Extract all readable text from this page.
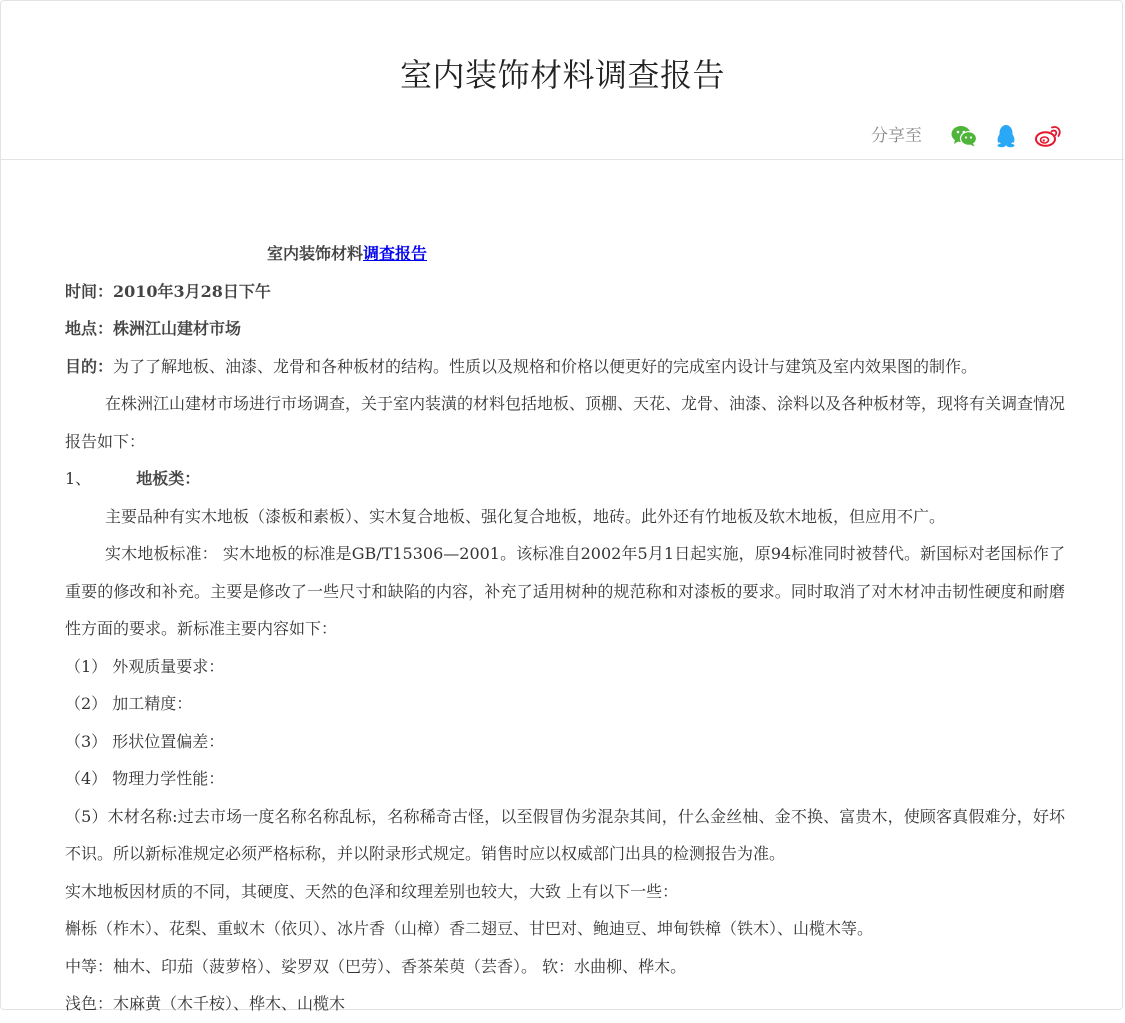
室内装饰材料调查报告
分享至

室内装饰材料调查报告

时间：2010年3月28日下午

地点：株洲江山建材市场

目的：为了了解地板、油漆、龙骨和各种板材的结构。性质以及规格和价格以便更好的完成室内设计与建筑及室内效果图的制作。

在株洲江山建材市场进行市场调查，关于室内装潢的材料包括地板、顶棚、天花、龙骨、油漆、涂料以及各种板材等，现将有关调查情况报告如下：

1、	地板类：

主要品种有实木地板（漆板和素板）、实木复合地板、强化复合地板，地砖。此外还有竹地板及软木地板，但应用不广。

实木地板标准： 实木地板的标准是GB/T15306—2001。该标准自2002年5月1日起实施，原94标准同时被替代。新国标对老国标作了重要的修改和补充。主要是修改了一些尺寸和缺陷的内容，补充了适用树种的规范称和对漆板的要求。同时取消了对木材冲击韧性硬度和耐磨性方面的要求。新标准主要内容如下：

（1） 外观质量要求：

（2） 加工精度：

（3） 形状位置偏差：

（4） 物理力学性能：

（5）木材名称:过去市场一度名称名称乱标，名称稀奇古怪，以至假冒伪劣混杂其间，什么金丝柚、金不换、富贵木，使顾客真假难分，好坏不识。所以新标准规定必须严格标称，并以附录形式规定。销售时应以权威部门出具的检测报告为准。

实木地板因材质的不同，其硬度、天然的色泽和纹理差别也较大，大致 上有以下一些：

槲栎（柞木）、花梨、重蚁木（依贝）、冰片香（山樟）香二翅豆、甘巴对、鲍迪豆、坤甸铁樟（铁木）、山榄木等。

中等：柚木、印茄（菠萝格）、娑罗双（巴劳）、香茶茱萸（芸香）。 软：水曲柳、桦木。

浅色：木麻黄（木千桉）、桦木、山榄木
